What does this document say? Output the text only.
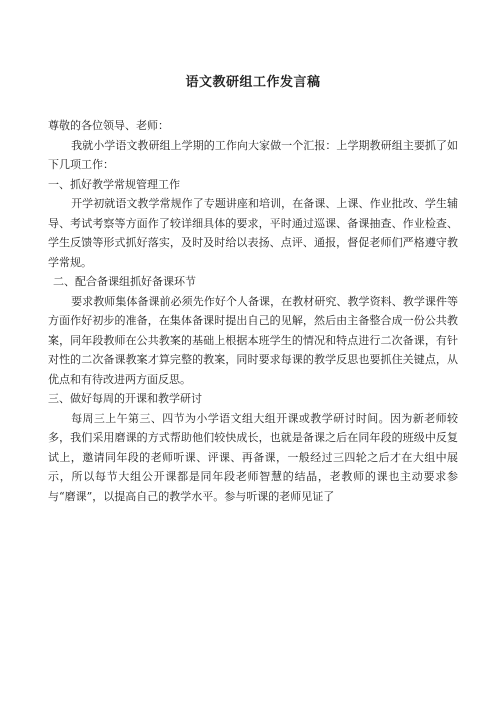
语文教研组工作发言稿

尊敬的各位领导、老师：

我就小学语文教研组上学期的工作向大家做一个汇报：上学期教研组主要抓了如下几项工作：

一、抓好教学常规管理工作

开学初就语文教学常规作了专题讲座和培训，在备课、上课、作业批改、学生辅导、考试考察等方面作了较详细具体的要求，平时通过巡课、备课抽查、作业检查、学生反馈等形式抓好落实，及时及时给以表扬、点评、通报，督促老师们严格遵守教学常规。

二、配合备课组抓好备课环节

要求教师集体备课前必须先作好个人备课，在教材研究、教学资料、教学课件等方面作好初步的准备，在集体备课时提出自己的见解，然后由主备整合成一份公共教案，同年段教师在公共教案的基础上根据本班学生的情况和特点进行二次备课，有针对性的二次备课教案才算完整的教案，同时要求每课的教学反思也要抓住关键点，从优点和有待改进两方面反思。

三、做好每周的开课和教学研讨

每周三上午第三、四节为小学语文组大组开课或教学研讨时间。因为新老师较多，我们采用磨课的方式帮助他们较快成长，也就是备课之后在同年段的班级中反复试上，邀请同年段的老师听课、评课、再备课，一般经过三四轮之后才在大组中展示，所以每节大组公开课都是同年段老师智慧的结晶，老教师的课也主动要求参与“磨课”，以提高自己的教学水平。参与听课的老师见证了
